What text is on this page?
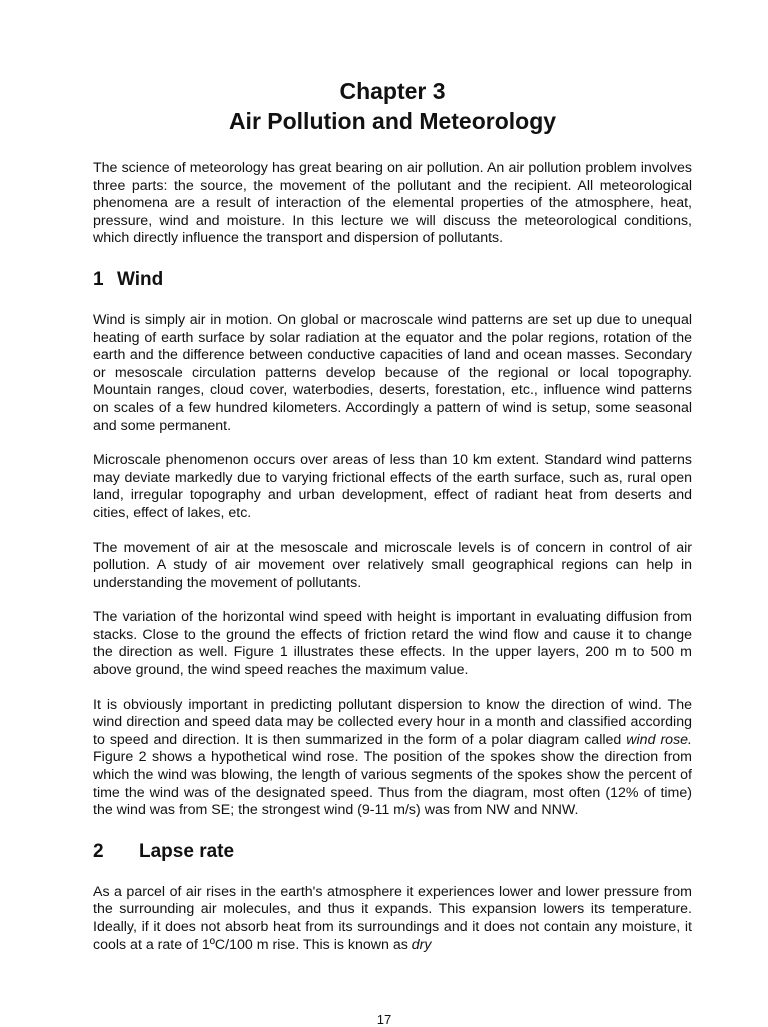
Chapter 3
Air Pollution and Meteorology

The science of meteorology has great bearing on air pollution. An air pollution problem involves three parts: the source, the movement of the pollutant and the recipient. All meteorological phenomena are a result of interaction of the elemental properties of the atmosphere, heat, pressure, wind and moisture. In this lecture we will discuss the meteorological conditions, which directly influence the transport and dispersion of pollutants.

1 Wind

Wind is simply air in motion. On global or macroscale wind patterns are set up due to unequal heating of earth surface by solar radiation at the equator and the polar regions, rotation of the earth and the difference between conductive capacities of land and ocean masses. Secondary or mesoscale circulation patterns develop because of the regional or local topography. Mountain ranges, cloud cover, waterbodies, deserts, forestation, etc., influence wind patterns on scales of a few hundred kilometers. Accordingly a pattern of wind is setup, some seasonal and some permanent.

Microscale phenomenon occurs over areas of less than 10 km extent. Standard wind patterns may deviate markedly due to varying frictional effects of the earth surface, such as, rural open land, irregular topography and urban development, effect of radiant heat from deserts and cities, effect of lakes, etc.

The movement of air at the mesoscale and microscale levels is of concern in control of air pollution. A study of air movement over relatively small geographical regions can help in understanding the movement of pollutants.

The variation of the horizontal wind speed with height is important in evaluating diffusion from stacks. Close to the ground the effects of friction retard the wind flow and cause it to change the direction as well. Figure 1 illustrates these effects. In the upper layers, 200 m to 500 m above ground, the wind speed reaches the maximum value.

It is obviously important in predicting pollutant dispersion to know the direction of wind. The wind direction and speed data may be collected every hour in a month and classified according to speed and direction. It is then summarized in the form of a polar diagram called wind rose. Figure 2 shows a hypothetical wind rose. The position of the spokes show the direction from which the wind was blowing, the length of various segments of the spokes show the percent of time the wind was of the designated speed. Thus from the diagram, most often (12% of time) the wind was from SE; the strongest wind (9-11 m/s) was from NW and NNW.

2 Lapse rate

As a parcel of air rises in the earth's atmosphere it experiences lower and lower pressure from the surrounding air molecules, and thus it expands. This expansion lowers its temperature. Ideally, if it does not absorb heat from its surroundings and it does not contain any moisture, it cools at a rate of 1ºC/100 m rise. This is known as dry

17
